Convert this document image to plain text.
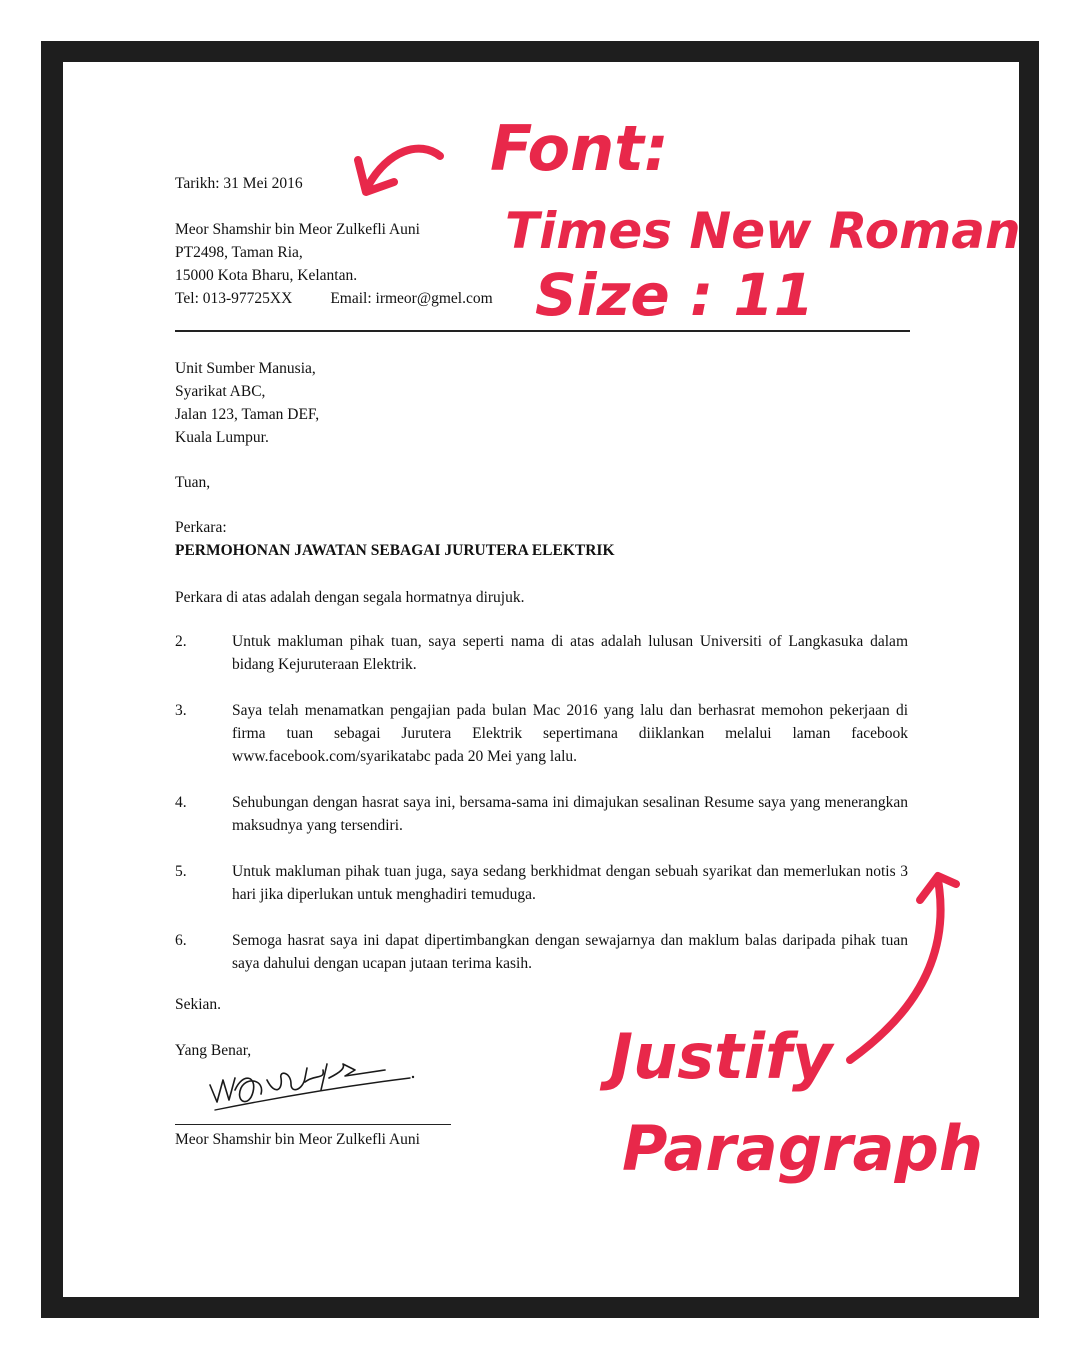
Tarikh: 31 Mei 2016
Meor Shamshir bin Meor Zulkefli Auni
PT2498, Taman Ria,
15000 Kota Bharu, Kelantan.
Tel: 013-97725XX Email: irmeor@gmel.com
Unit Sumber Manusia,
Syarikat ABC,
Jalan 123, Taman DEF,
Kuala Lumpur.
Tuan,
Perkara:
PERMOHONAN JAWATAN SEBAGAI JURUTERA ELEKTRIK
Perkara di atas adalah dengan segala hormatnya dirujuk.
2.	Untuk makluman pihak tuan, saya seperti nama di atas adalah lulusan Universiti of Langkasuka dalam bidang Kejuruteraan Elektrik.
3.	Saya telah menamatkan pengajian pada bulan Mac 2016 yang lalu dan berhasrat memohon pekerjaan di firma tuan sebagai Jurutera Elektrik sepertimana diiklankan melalui laman facebook www.facebook.com/syarikatabc pada 20 Mei yang lalu.
4.	Sehubungan dengan hasrat saya ini, bersama-sama ini dimajukan sesalinan Resume saya yang menerangkan maksudnya yang tersendiri.
5.	Untuk makluman pihak tuan juga, saya sedang berkhidmat dengan sebuah syarikat dan memerlukan notis 3 hari jika diperlukan untuk menghadiri temuduga.
6.	Semoga hasrat saya ini dapat dipertimbangkan dengan sewajarnya dan maklum balas daripada pihak tuan saya dahului dengan ucapan jutaan terima kasih.
Sekian.
Yang Benar,
Meor Shamshir bin Meor Zulkefli Auni
Font:
Times New Roman
Size : 11
Justify
Paragraph
